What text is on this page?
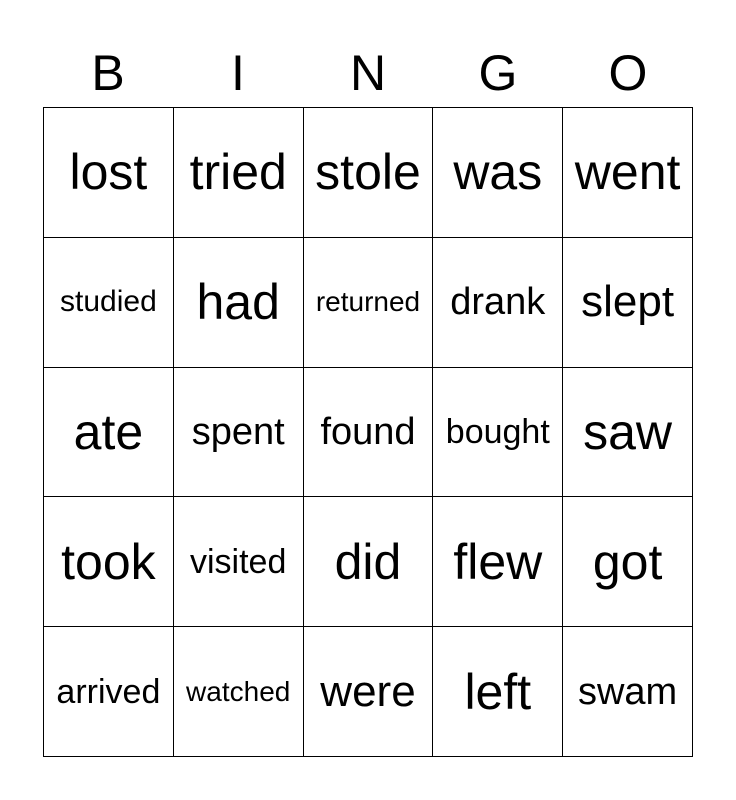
B	I	N	G	O
lost tried stole was went
studied had	returned drank slept
ate	spent found bought saw
took	visited did	flew	got
arrived watched were left	swam
